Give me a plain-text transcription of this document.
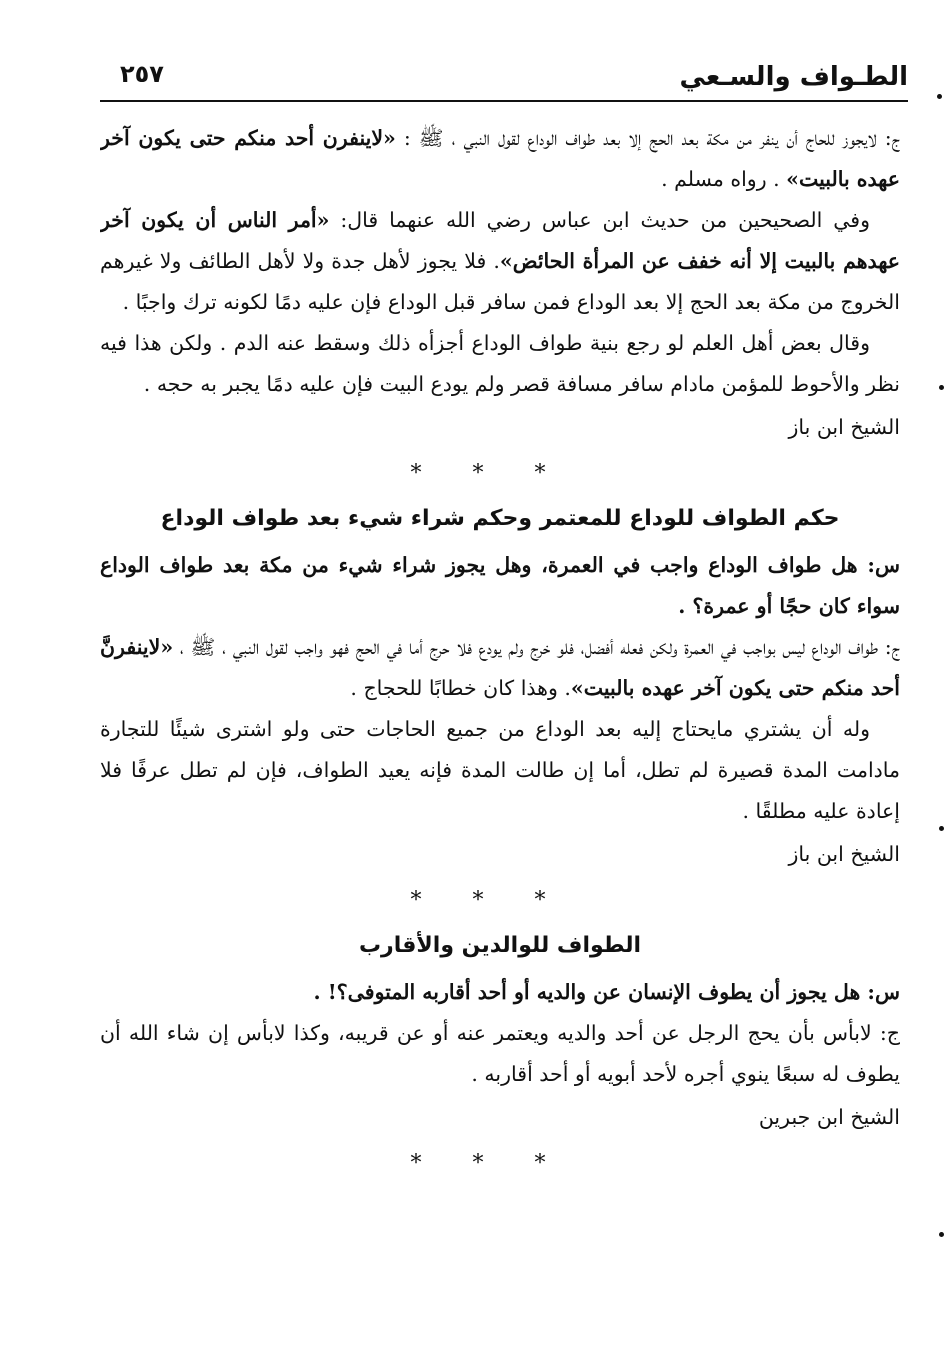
الطـواف والسـعي
٢٥٧

ج: لايجوز للحاج أن ينفر من مكة بعد الحج إلا بعد طواف الوداع لقول النبي ، ﷺ : «لاينفرن أحد منكم حتى يكون آخر عهده بالبيت» . رواه مسلم .

وفي الصحيحين من حديث ابن عباس رضي الله عنهما قال: «أمر الناس أن يكون آخر عهدهم بالبيت إلا أنه خفف عن المرأة الحائض». فلا يجوز لأهل جدة ولا لأهل الطائف ولا غيرهم الخروج من مكة بعد الحج إلا بعد الوداع فمن سافر قبل الوداع فإن عليه دمًا لكونه ترك واجبًا .

وقال بعض أهل العلم لو رجع بنية طواف الوداع أجزأه ذلك وسقط عنه الدم . ولكن هذا فيه نظر والأحوط للمؤمن مادام سافر مسافة قصر ولم يودع البيت فإن عليه دمًا يجبر به حجه .

الشيخ ابن باز
* * *
حكم الطواف للوداع للمعتمر وحكم شراء شيء بعد طواف الوداع

س: هل طواف الوداع واجب في العمرة، وهل يجوز شراء شيء من مكة بعد طواف الوداع سواء كان حجًا أو عمرة؟ .

ج: طواف الوداع ليس بواجب في العمرة ولكن فعله أفضل، فلو خرج ولم يودع فلا حرج أما في الحج فهو واجب لقول النبي ، ﷺ ، «لاينفرنَّ أحد منكم حتى يكون آخر عهده بالبيت». وهذا كان خطابًا للحجاج .

وله أن يشتري مايحتاج إليه بعد الوداع من جميع الحاجات حتى ولو اشترى شيئًا للتجارة مادامت المدة قصيرة لم تطل، أما إن طالت المدة فإنه يعيد الطواف، فإن لم تطل عرفًا فلا إعادة عليه مطلقًا .

الشيخ ابن باز
* * *
الطواف للوالدين والأقارب

س: هل يجوز أن يطوف الإنسان عن والديه أو أحد أقاربه المتوفى؟! .

ج: لابأس بأن يحج الرجل عن أحد والديه ويعتمر عنه أو عن قريبه، وكذا لابأس إن شاء الله أن يطوف له سبعًا ينوي أجره لأحد أبويه أو أحد أقاربه .

الشيخ ابن جبرين
* * *
